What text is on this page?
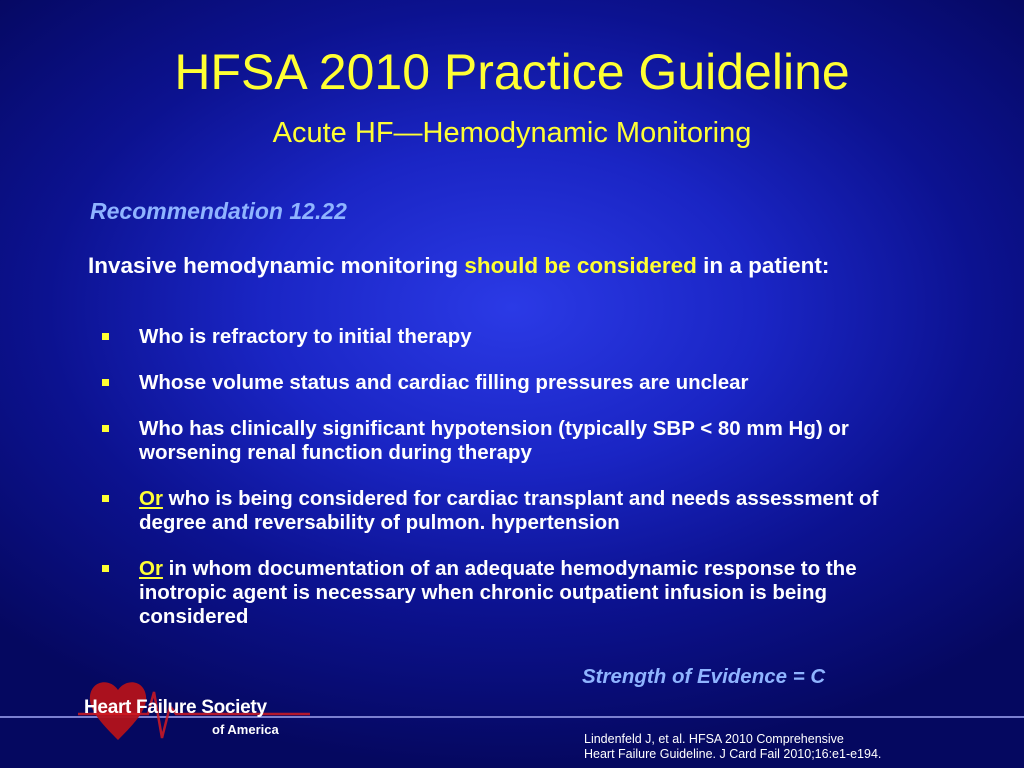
HFSA 2010 Practice Guideline
Acute HF—Hemodynamic Monitoring
Recommendation 12.22
Invasive hemodynamic monitoring should be considered in a patient:
Who is refractory to initial therapy
Whose volume status and cardiac filling pressures are unclear
Who has clinically significant hypotension (typically SBP < 80 mm Hg) or worsening renal function during therapy
Or who is being considered for cardiac transplant and needs assessment of degree and reversability of pulmon. hypertension
Or in whom documentation of an adequate hemodynamic response to the inotropic agent is necessary when chronic outpatient infusion is being considered
Strength of Evidence = C
Heart Failure Society
of America
Lindenfeld J, et al. HFSA 2010 Comprehensive
Heart Failure Guideline. J Card Fail 2010;16:e1-e194.
